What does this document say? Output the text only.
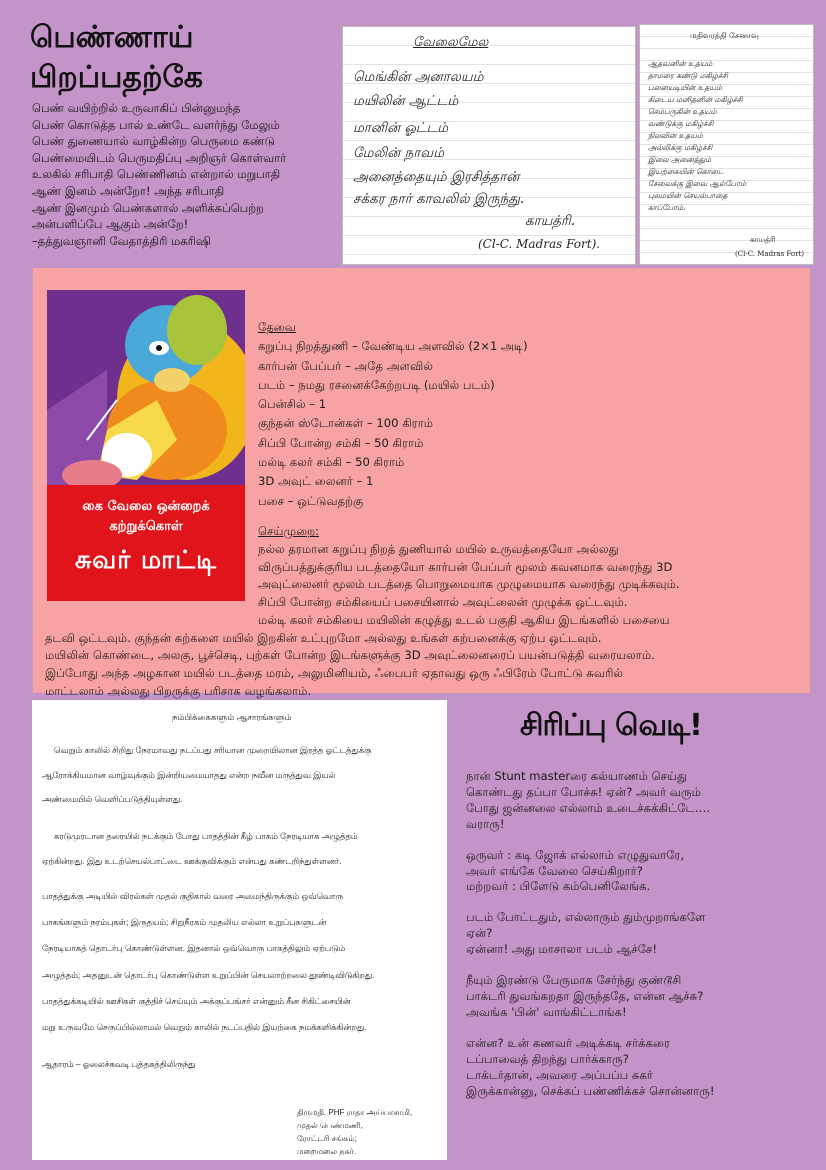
பெண்ணாய்
பிறப்பதற்கே
பெண் வயிற்றில் உருவாகிப் பின்னுமந்த
பெண் கொடுத்த பால் உண்டே வளர்ந்து மேலும்
பெண் துணையால் வாழ்கின்ற பெருமை கண்டு
பெண்மையிடம் பெருமதிப்பு அறிஞர் கொள்வார்
உலகில் சரிபாதி பெண்ணினம் என்றால் மறுபாதி
ஆண் இனம் அன்றோ! அந்த சரிபாதி
ஆண் இனமும் பெண்களால் அளிக்கப்பெற்ற
அன்பளிப்பே ஆகும் அன்றே!
–தத்துவஞானி வேதாத்திரி மகரிஷி
வேலைமேல
மெங்கின் அனாலயம்
மயிலின் ஆட்டம்
மானின் ஓட்டம்
மேலின் நாவம்
அனைத்தையும் இரசித்தான்
சக்கர நார் காவலில் இருந்து.
காயத்ரி.
(Cl-C. Madras Fort).
மதிவரத்தி சேனாவு
ஆதவனின் உதயம்
தாமரை கண்டு மகிழ்ச்சி
பனையடியின் உதயம்
கிடைய மனிதனின் மகிழ்ச்சி
செம்பருகின் உதயம்
வண்டுக்கு மகிழ்ச்சி
நிலவின் உதயம்
அல்லிக்கு மகிழ்ச்சி
இலை அனைத்தும்
இயற்கையின் கொடை
சேவைக்கு இவை ஆல்போம்
புலமயின் செயல்பாதை
காப்போம்.
காயத்ரி
(Cl-C. Madras Fort)
கை வேலை ஒன்றைக்
கற்றுக்கொள்
சுவர் மாட்டி
தேவை
கறுப்பு நிறத்துணி – வேண்டிய அளவில் (2×1 அடி)
கார்பன் பேப்பர் – அதே அளவில்
படம் – நமது ரசனைக்கேற்றபடி (மயில் படம்)
பென்சில் – 1
குந்தன் ஸ்டோன்கள் – 100 கிராம்
சிப்பி போன்ற சம்கி – 50 கிராம்
மல்டி கலர் சம்கி – 50 கிராம்
3D அவுட் லைனர் – 1
பசை – ஒட்டுவதற்கு
செய்முறை:
நல்ல தரமான கறுப்பு நிறத் துணியால் மயில் உருவத்தையோ அல்லது
விருப்பத்துக்குரிய படத்தையோ கார்பன் பேப்பர் மூலம் கவனமாக வரைந்து 3D
அவுட்லைனர் மூலம் படத்தை பொறுமையாக முழுமையாக வரைந்து முடிக்கவும்.
சிப்பி போன்ற சம்கியைப் பசையினால் அவுட்லைன் முழுக்க ஒட்டவும்.
மல்டி கலர் சம்கியை மயிலின் கழுத்து உடல் பகுதி ஆகிய இடங்களில் பசையை
தடவி ஒட்டவும். குந்தன் கற்களை மயில் இறகின் உட்புறமோ அல்லது உங்கள் கற்பனைக்கு ஏற்ப ஒட்டவும்.
மயிலின் கொண்டை, அலகு, பூச்செடி, புற்கள் போன்ற இடங்களுக்கு 3D அவுட்லைனரைப் பயன்படுத்தி வரையலாம்.
இப்போது அந்த அழகான மயில் படத்தை மரம், அலுமினியம், ஃபைபர் ஏதாவது ஒரு ஃபிரேம் போட்டு சுவரில்
மாட்டலாம் அல்லது பிறருக்கு பரிசாக வழங்கலாம்.
நம்பிக்கைகளும் ஆசாரங்களும்
வெறும் காலில் சிறிது நேரமாவது நடப்பது சரியான முறையிலான இரத்த ஓட்டத்துக்கு
ஆரோக்கியமான வாழ்வுக்கும் இன்றியமையாதது என்ற நவீன மருத்துவ இயல்
அண்மையில் வெளிப்படுத்தியுள்ளது.
கரடுமுரடான தரையில் நடக்கும் போது பாதத்தின் கீழ் பாகம் நேரடியாக அழுத்தம்
ஏற்கின்றது. இது உடற்செயல்பாட்டை ஊக்குவிக்கும் என்பது கண்டறிந்துள்ளனர்.
பாதத்துக்கு அடியில் விரல்கள் முதல் குதிகால் வரை அமைந்திருக்கும் ஒவ்வொரு
பாகங்களும் நரம்புகள்; இருதயம்; சிறுநீரகம் முதலிய எல்லா உறுப்புகளுடன்
நேரடியாகத் தொடர்பு கொண்டுள்ளன. இதனால் ஒவ்வொரு பாகத்திலும் ஏற்படும்
அழுத்தம்; அதனுடன் தொடர்பு கொண்டுள்ள உறுப்பின் செயலாற்றலை தூண்டிவிடுகிறது.
பாதத்துக்கடியில் ஊசிகள் குத்திச் செய்யும் அக்குப்பங்சர் என்னும் சீன சிகிட்சையின்
மறு உருவமே செருப்பில்லாமல் வெறும் காலில் நடப்பதில் இயற்கை நமக்களிக்கின்றது.
ஆதாரம் – ஓலைச்சுவடி புத்தகத்திலிருந்து
திருமதி. PHF ராதா அய்யாசாமி,
முதல் பெண்மணி,
ரோட்டரி சங்கம்;
மறைமலை நகர்.
சிரிப்பு வெடி!
நான் Stunt masterரை கல்யாணம் செய்து
கொண்டது தப்பா போச்சு! ஏன்? அவர் வரும்
போது ஜன்னலை எல்லாம் உடைச்சுக்கிட்டே….
வராரு!
ஒருவர் : கடி ஜோக் எல்லாம் எழுதுவாரே,
அவர் எங்கே வேலை செய்கிறார்?
மற்றவர் : பிளேடு கம்பெனிலேங்க.
படம் போட்டதும், எல்லாரும் தும்முறாங்களே
ஏன்?
ஏன்னா! அது மாசாலா படம் ஆச்சே!
நீயும் இரண்டு பேருமாக சேர்ந்து குண்டூசி
பாக்டரி துவங்கறதா இருந்ததே, என்ன ஆச்சு?
அவங்க 'பின்' வாங்கிட்டாங்க!
என்ன? உன் கணவர் அடிக்கடி சர்க்கரை
டப்பாவைத் திறந்து பார்க்காரு?
டாக்டர்தான், அவரை அப்பப்ப சுகர்
இருக்கான்னு, செக்கப் பண்ணிக்கச் சொன்னாரு!
